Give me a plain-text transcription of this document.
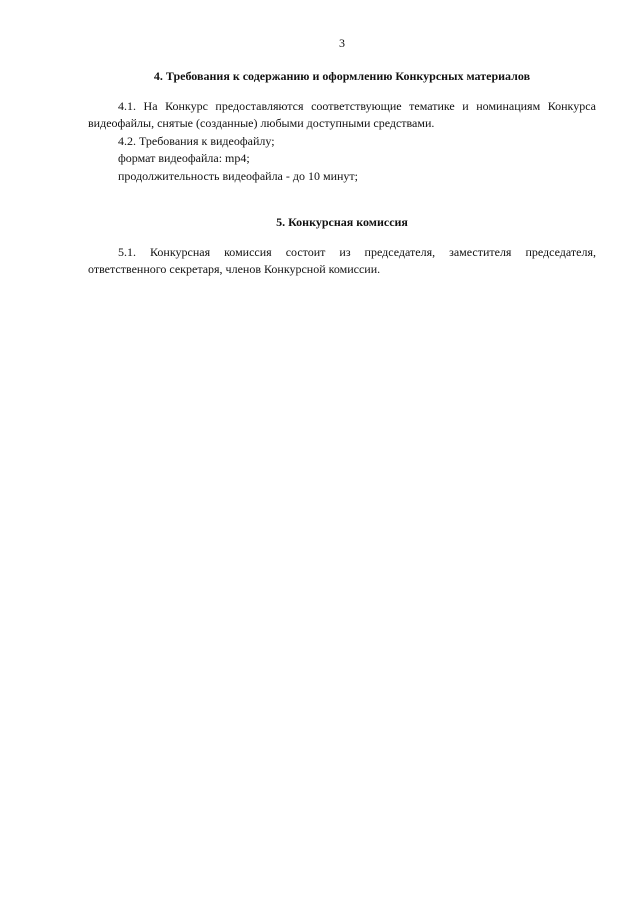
3
4. Требования к содержанию и оформлению Конкурсных материалов

4.1. На Конкурс предоставляются соответствующие тематике и номинациям Конкурса видеофайлы, снятые (созданные) любыми доступными средствами.

4.2. Требования к видеофайлу;

формат видеофайла: mp4;

продолжительность видеофайла - до 10 минут;

5. Конкурсная комиссия

5.1. Конкурсная комиссия состоит из председателя, заместителя председателя, ответственного секретаря, членов Конкурсной комиссии.
